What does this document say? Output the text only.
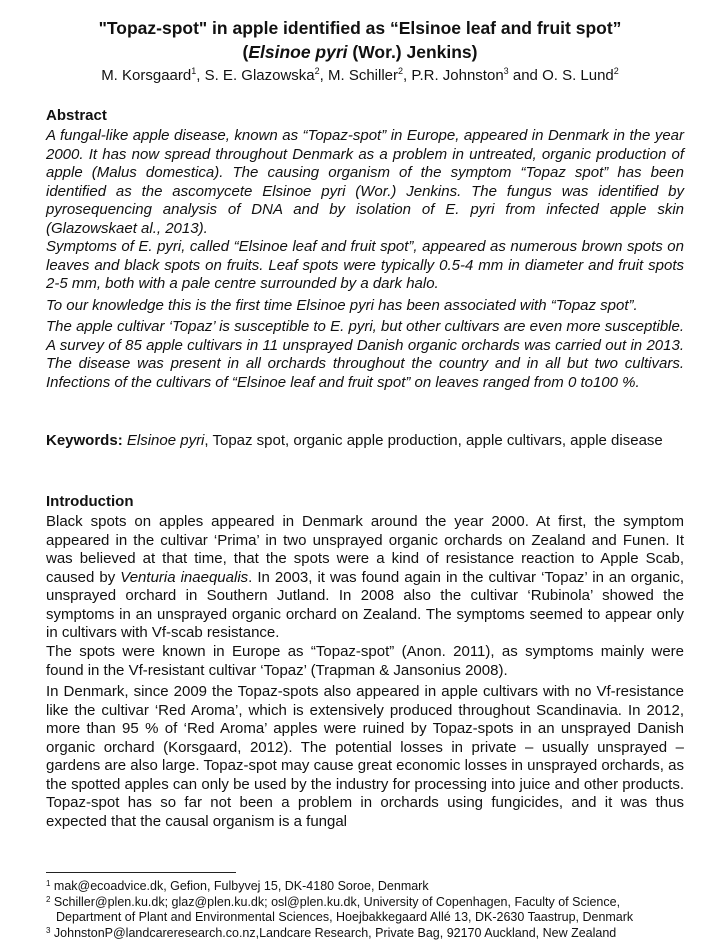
"Topaz-spot" in apple identified as “Elsinoe leaf and fruit spot”
(Elsinoe pyri (Wor.) Jenkins)
M. Korsgaard$^1$, S. E. Glazowska$^2$, M. Schiller$^2$, P.R. Johnston$^3$ and O. S. Lund$^2$
Abstract
A fungal-like apple disease, known as “Topaz-spot” in Europe, appeared in Denmark in the year 2000. It has now spread throughout Denmark as a problem in untreated, organic production of apple (Malus domestica). The causing organism of the symptom “Topaz spot” has been identified as the ascomycete Elsinoe pyri (Wor.) Jenkins. The fungus was identified by pyrosequencing analysis of DNA and by isolation of E. pyri from infected apple skin (Glazowskaet al., 2013).
Symptoms of E. pyri, called “Elsinoe leaf and fruit spot”, appeared as numerous brown spots on leaves and black spots on fruits. Leaf spots were typically 0.5-4 mm in diameter and fruit spots 2-5 mm, both with a pale centre surrounded by a dark halo.
To our knowledge this is the first time Elsinoe pyri has been associated with “Topaz spot”.
The apple cultivar ‘Topaz’ is susceptible to E. pyri, but other cultivars are even more susceptible. A survey of 85 apple cultivars in 11 unsprayed Danish organic orchards was carried out in 2013. The disease was present in all orchards throughout the country and in all but two cultivars. Infections of the cultivars of “Elsinoe leaf and fruit spot” on leaves ranged from 0 to100 %.
Keywords: Elsinoe pyri, Topaz spot, organic apple production, apple cultivars, apple disease
Introduction
Black spots on apples appeared in Denmark around the year 2000. At first, the symptom appeared in the cultivar ‘Prima’ in two unsprayed organic orchards on Zealand and Funen. It was believed at that time, that the spots were a kind of resistance reaction to Apple Scab, caused by Venturia inaequalis. In 2003, it was found again in the cultivar ‘Topaz’ in an organic, unsprayed orchard in Southern Jutland. In 2008 also the cultivar ‘Rubinola’ showed the symptoms in an unsprayed organic orchard on Zealand. The symptoms seemed to appear only in cultivars with Vf-scab resistance.
The spots were known in Europe as “Topaz-spot” (Anon. 2011), as symptoms mainly were found in the Vf-resistant cultivar ‘Topaz’ (Trapman & Jansonius 2008).
In Denmark, since 2009 the Topaz-spots also appeared in apple cultivars with no Vf-resistance like the cultivar ‘Red Aroma’, which is extensively produced throughout Scandinavia. In 2012, more than 95 % of ‘Red Aroma’ apples were ruined by Topaz-spots in an unsprayed Danish organic orchard (Korsgaard, 2012). The potential losses in private – usually unsprayed – gardens are also large. Topaz-spot may cause great economic losses in unsprayed orchards, as the spotted apples can only be used by the industry for processing into juice and other products. Topaz-spot has so far not been a problem in orchards using fungicides, and it was thus expected that the causal organism is a fungal
$^1$ mak@ecoadvice.dk, Gefion, Fulbyvej 15, DK-4180 Soroe, Denmark
$^2$ Schiller@plen.ku.dk; glaz@plen.ku.dk; osl@plen.ku.dk, University of Copenhagen, Faculty of Science,
Department of Plant and Environmental Sciences, Hoejbakkegaard Allé 13, DK-2630 Taastrup, Denmark
$^3$ JohnstonP@landcareresearch.co.nz,Landcare Research, Private Bag, 92170 Auckland, New Zealand
